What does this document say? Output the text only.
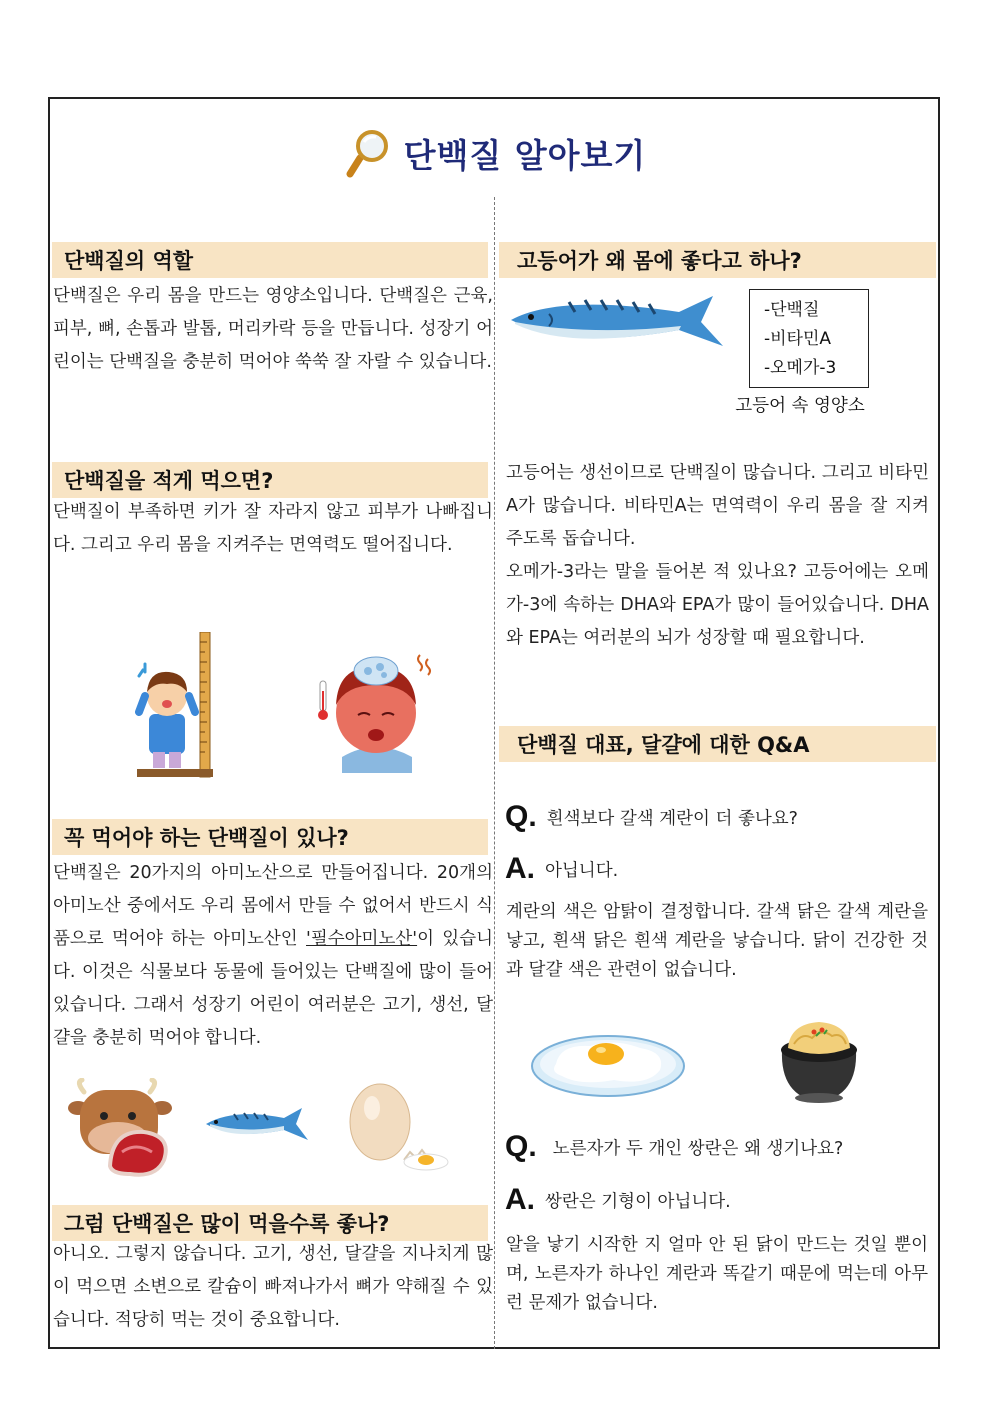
단백질 알아보기
단백질의 역할
단백질은 우리 몸을 만드는 영양소입니다. 단백질은 근육, 피부, 뼈, 손톱과 발톱, 머리카락 등을 만듭니다. 성장기 어린이는 단백질을 충분히 먹어야 쑥쑥 잘 자랄 수 있습니다.
단백질을 적게 먹으면?
단백질이 부족하면 키가 잘 자라지 않고 피부가 나빠집니다. 그리고 우리 몸을 지켜주는 면역력도 떨어집니다.
꼭 먹어야 하는 단백질이 있나?
단백질은 20가지의 아미노산으로 만들어집니다. 20개의 아미노산 중에서도 우리 몸에서 만들 수 없어서 반드시 식품으로 먹어야 하는 아미노산인 '필수아미노산'이 있습니다. 이것은 식물보다 동물에 들어있는 단백질에 많이 들어있습니다. 그래서 성장기 어린이 여러분은 고기, 생선, 달걀을 충분히 먹어야 합니다.
그럼 단백질은 많이 먹을수록 좋나?
아니오. 그렇지 않습니다. 고기, 생선, 달걀을 지나치게 많이 먹으면 소변으로 칼슘이 빠져나가서 뼈가 약해질 수 있습니다. 적당히 먹는 것이 중요합니다.
고등어가 왜 몸에 좋다고 하나?
-단백질
-비타민A
-오메가-3
고등어 속 영양소
고등어는 생선이므로 단백질이 많습니다. 그리고 비타민A가 많습니다. 비타민A는 면역력이 우리 몸을 잘 지켜주도록 돕습니다.
오메가-3라는 말을 들어본 적 있나요? 고등어에는 오메가-3에 속하는 DHA와 EPA가 많이 들어있습니다. DHA와 EPA는 여러분의 뇌가 성장할 때 필요합니다.
단백질 대표, 달걀에 대한 Q&A
Q. 흰색보다 갈색 계란이 더 좋나요?
A. 아닙니다.
계란의 색은 암탉이 결정합니다. 갈색 닭은 갈색 계란을 낳고, 흰색 닭은 흰색 계란을 낳습니다. 닭이 건강한 것과 달걀 색은 관련이 없습니다.
Q. 노른자가 두 개인 쌍란은 왜 생기나요?
A. 쌍란은 기형이 아닙니다.
알을 낳기 시작한 지 얼마 안 된 닭이 만드는 것일 뿐이며, 노른자가 하나인 계란과 똑같기 때문에 먹는데 아무런 문제가 없습니다.
